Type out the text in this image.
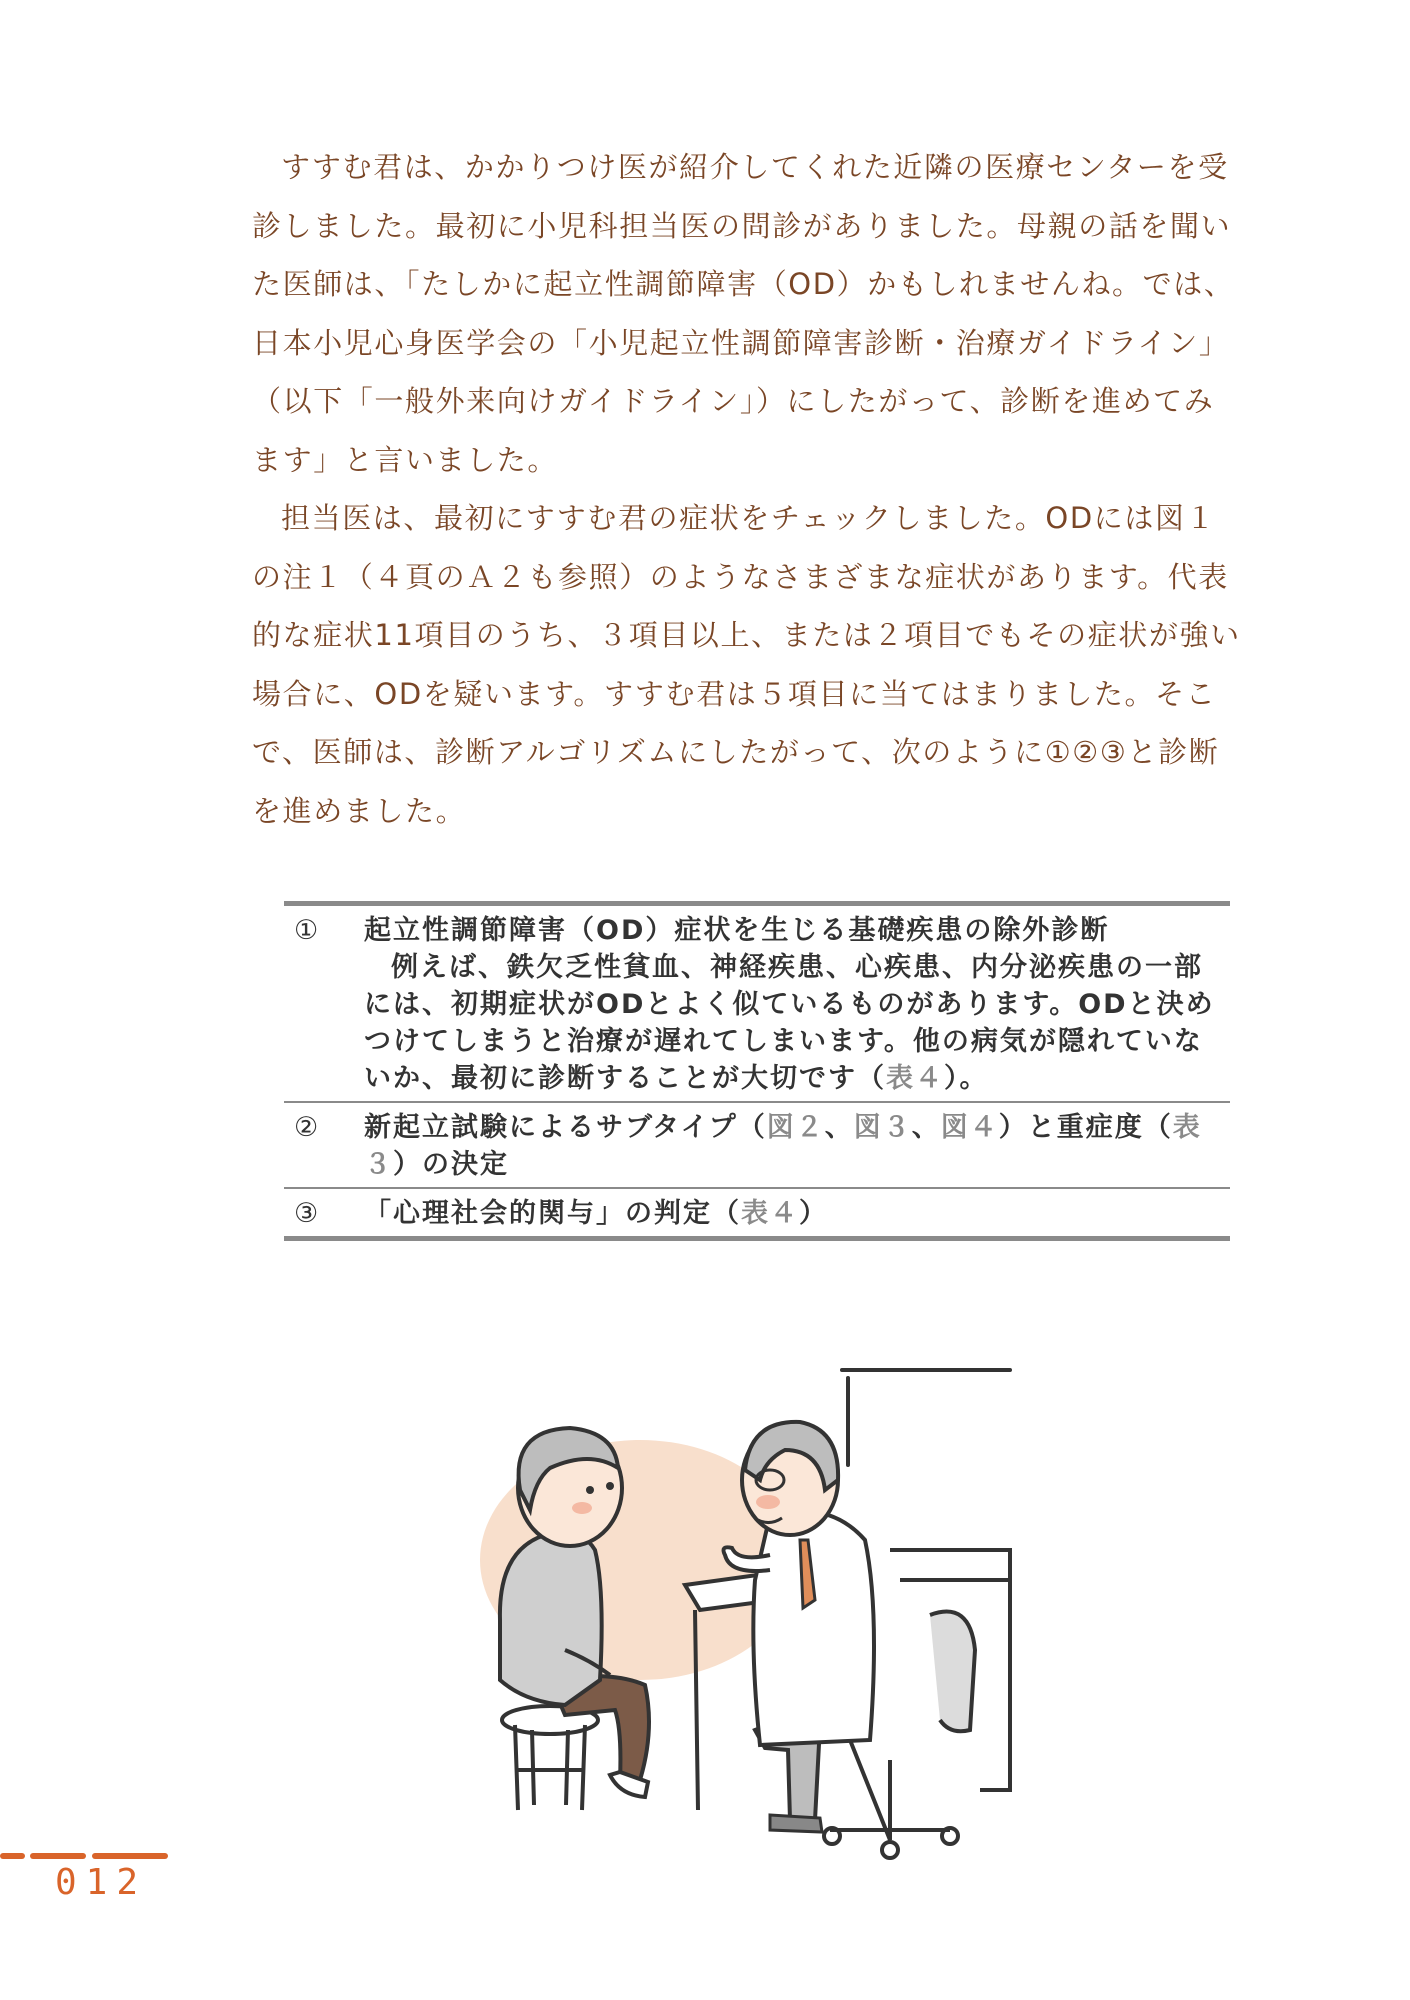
すすむ君は、かかりつけ医が紹介してくれた近隣の医療センターを受診しました。最初に小児科担当医の問診がありました。母親の話を聞いた医師は、「たしかに起立性調節障害（OD）かもしれませんね。では、日本小児心身医学会の「小児起立性調節障害診断・治療ガイドライン」（以下「一般外来向けガイドライン」）にしたがって、診断を進めてみます」と言いました。

担当医は、最初にすすむ君の症状をチェックしました。ODには図１の注１（４頁のＡ２も参照）のようなさまざまな症状があります。代表的な症状11項目のうち、３項目以上、または２項目でもその症状が強い場合に、ODを疑います。すすむ君は５項目に当てはまりました。そこで、医師は、診断アルゴリズムにしたがって、次のように①②③と診断を進めました。

①	起立性調節障害（OD）症状を生じる基礎疾患の除外診断
例えば、鉄欠乏性貧血、神経疾患、心疾患、内分泌疾患の一部には、初期症状がODとよく似ているものがあります。ODと決めつけてしまうと治療が遅れてしまいます。他の病気が隠れていないか、最初に診断することが大切です（表４）。
②	新起立試験によるサブタイプ（図２、図３、図４）と重症度（表３）の決定
③	「心理社会的関与」の判定（表４）
012
